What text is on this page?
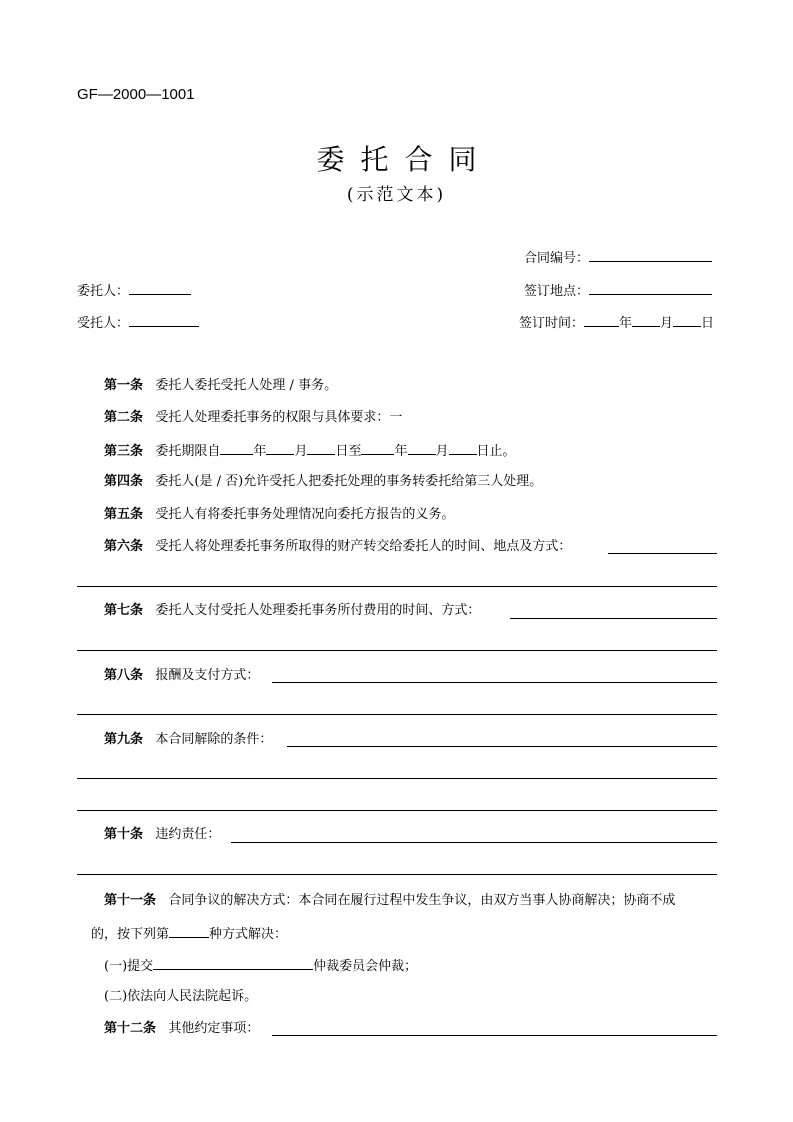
GF—2000—1001
委托合同
(示范文本)
合同编号：
委托人：	签订地点：
受托人：	签订时间：	年 月 日
第一条 委托人委托受托人处理 / 事务。
第二条 受托人处理委托事务的权限与具体要求：一
第三条 委托期限自	年 月 日至	年 月 日止。
第四条 委托人(是 / 否)允许受托人把委托处理的事务转委托给第三人处理。
第五条 受托人有将委托事务处理情况向委托方报告的义务。
第六条 受托人将处理委托事务所取得的财产转交给委托人的时间、地点及方式：
第七条 委托人支付受托人处理委托事务所付费用的时间、方式：
第八条 报酬及支付方式：
第九条 本合同解除的条件：
第十条 违约责任：
第十一条 合同争议的解决方式：本合同在履行过程中发生争议，由双方当事人协商解决；协商不成
的，按下列第	种方式解决：
(一)提交	仲裁委员会仲裁；
(二)依法向人民法院起诉。
第十二条 其他约定事项：
